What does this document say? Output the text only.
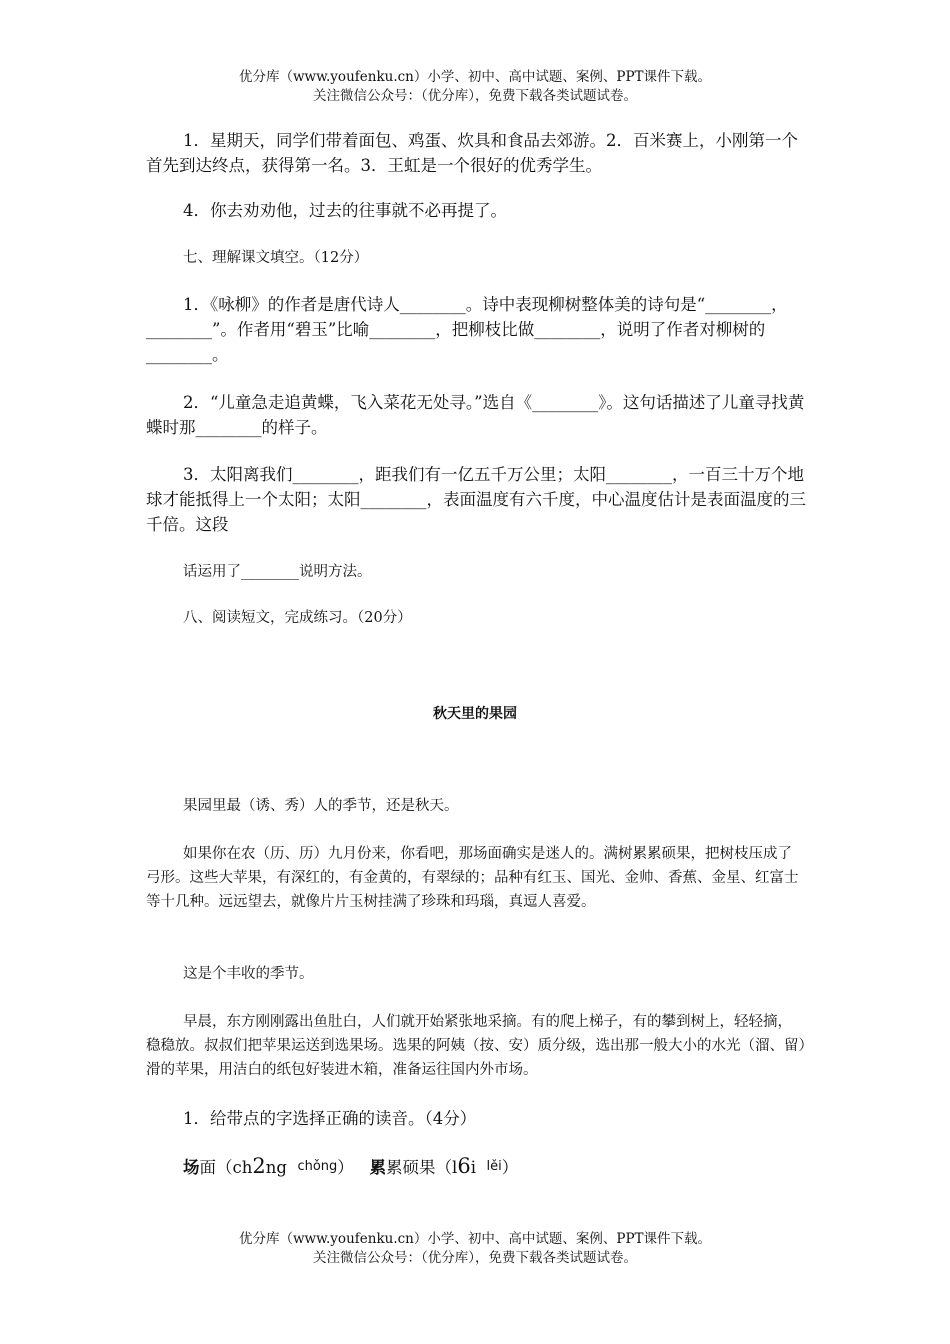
优分库（www.youfenku.cn）小学、初中、高中试题、案例、PPT课件下载。
关注微信公众号：（优分库），免费下载各类试题试卷。

1．星期天，同学们带着面包、鸡蛋、炊具和食品去郊游。2．百米赛上，小刚第一个首先到达终点，获得第一名。3．王虹是一个很好的优秀学生。

4．你去劝劝他，过去的往事就不必再提了。

七、理解课文填空。（12分）

1．《咏柳》的作者是唐代诗人________。诗中表现柳树整体美的诗句是“________，________”。作者用“碧玉”比喻________，把柳枝比做________，说明了作者对柳树的________。

2．“儿童急走追黄蝶，飞入菜花无处寻。”选自《________》。这句话描述了儿童寻找黄蝶时那________的样子。

3．太阳离我们________，距我们有一亿五千万公里；太阳________，一百三十万个地球才能抵得上一个太阳；太阳________，表面温度有六千度，中心温度估计是表面温度的三千倍。这段

话运用了________说明方法。

八、阅读短文，完成练习。（20分）

秋天里的果园

果园里最（诱、秀）人的季节，还是秋天。

如果你在农（历、历）九月份来，你看吧，那场面确实是迷人的。满树累累硕果，把树枝压成了弓形。这些大苹果，有深红的，有金黄的，有翠绿的；品种有红玉、国光、金帅、香蕉、金星、红富士等十几种。远远望去，就像片片玉树挂满了珍珠和玛瑙，真逗人喜爱。

这是个丰收的季节。

早晨，东方刚刚露出鱼肚白，人们就开始紧张地采摘。有的爬上梯子，有的攀到树上，轻轻摘，稳稳放。叔叔们把苹果运送到选果场。选果的阿姨（按、安）质分级，选出那一般大小的水光（溜、留）滑的苹果，用洁白的纸包好装进木箱，准备运往国内外市场。

1．给带点的字选择正确的读音。（4分）

场面（ch2ng chǒng） 累累硕果（l6i lěi）

优分库（www.youfenku.cn）小学、初中、高中试题、案例、PPT课件下载。
关注微信公众号：（优分库），免费下载各类试题试卷。
